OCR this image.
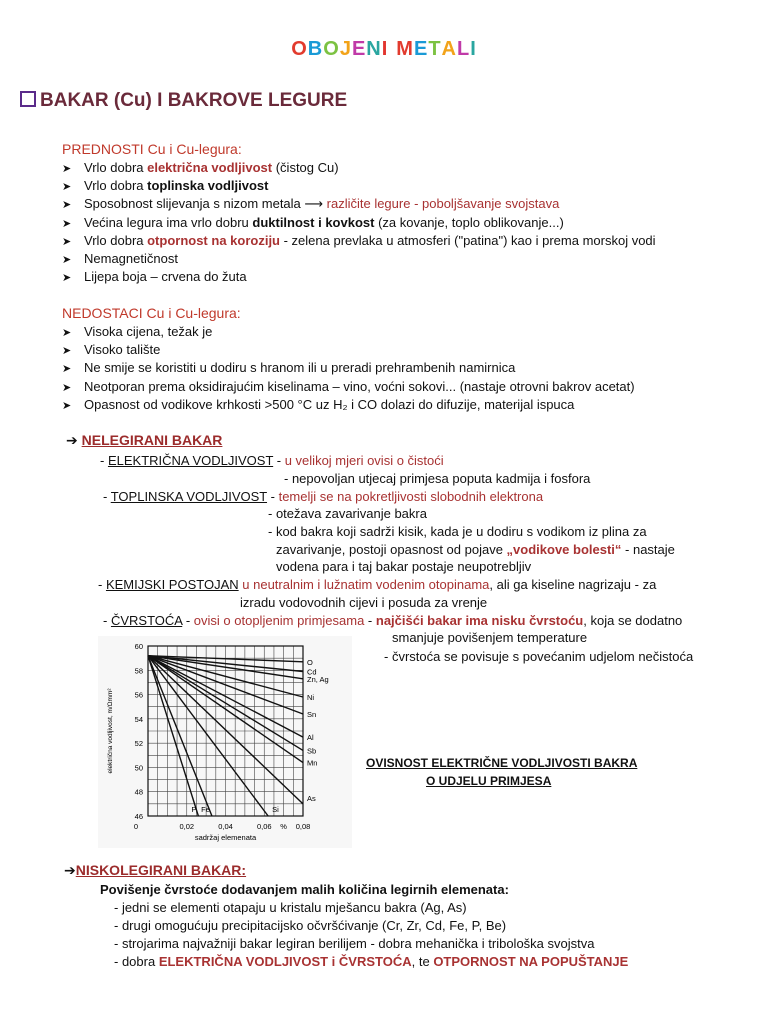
OBOJENI METALI
BAKAR (Cu) I BAKROVE LEGURE
PREDNOSTI Cu i Cu-legura:
➤ Vrlo dobra električna vodljivost (čistog Cu)
➤ Vrlo dobra toplinska vodljivost
➤ Sposobnost slijevanja s nizom metala ⟶ različite legure - poboljšavanje svojstava
➤ Većina legura ima vrlo dobru duktilnost i kovkost (za kovanje, toplo oblikovanje...)
➤ Vrlo dobra otpornost na koroziju - zelena prevlaka u atmosferi ("patina") kao i prema morskoj vodi
➤ Nemagnetičnost
➤ Lijepa boja – crvena do žuta
NEDOSTACI Cu i Cu-legura:
➤ Visoka cijena, težak je
➤ Visoko talište
➤ Ne smije se koristiti u dodiru s hranom ili u preradi prehrambenih namirnica
➤ Neotporan prema oksidirajućim kiselinama – vino, voćni sokovi... (nastaje otrovni bakrov acetat)
➤ Opasnost od vodikove krhkosti >500 °C uz H₂ i CO dolazi do difuzije, materijal ispuca
➔ NELEGIRANI BAKAR
- ELEKTRIČNA VODLJIVOST - u velikoj mjeri ovisi o čistoći
- nepovoljan utjecaj primjesa poputa kadmija i fosfora
- TOPLINSKA VODLJIVOST - temelji se na pokretljivosti slobodnih elektrona
- otežava zavarivanje bakra
- kod bakra koji sadrži kisik, kada je u dodiru s vodikom iz plina za
zavarivanje, postoji opasnost od pojave „vodikove bolesti“ - nastaje
vodena para i taj bakar postaje neupotrebljiv
- KEMIJSKI POSTOJAN u neutralnim i lužnatim vodenim otopinama, ali ga kiseline nagrizaju - za
izradu vodovodnih cijevi i posuda za vrenje
- ČVRSTOĆA - ovisi o otopljenim primjesama - najčišći bakar ima nisku čvrstoću, koja se dodatno
smanjuje povišenjem temperature
- čvrstoća se povisuje s povećanim udjelom nečistoća
46
48
50
52
54
56
58
60
0	0,02	0,04	0,06 % 0,08
sadržaj elemenata
električna vodljivost, m/Ωmm²
O
Cd
Zn, Ag
Ni
Sn
Al
Sb
Mn
As
Si
Fe
P
OVISNOST ELEKTRIČNE VODLJIVOSTI BAKRA
O UDJELU PRIMJESA
➔NISKOLEGIRANI BAKAR:
Povišenje čvrstoće dodavanjem malih količina legirnih elemenata:
- jedni se elementi otapaju u kristalu mješancu bakra (Ag, As)
- drugi omogućuju precipitacijsko očvršćivanje (Cr, Zr, Cd, Fe, P, Be)
- strojarima najvažniji bakar legiran berilijem - dobra mehanička i tribološka svojstva
- dobra ELEKTRIČNA VODLJIVOST i ČVRSTOĆA, te OTPORNOST NA POPUŠTANJE
